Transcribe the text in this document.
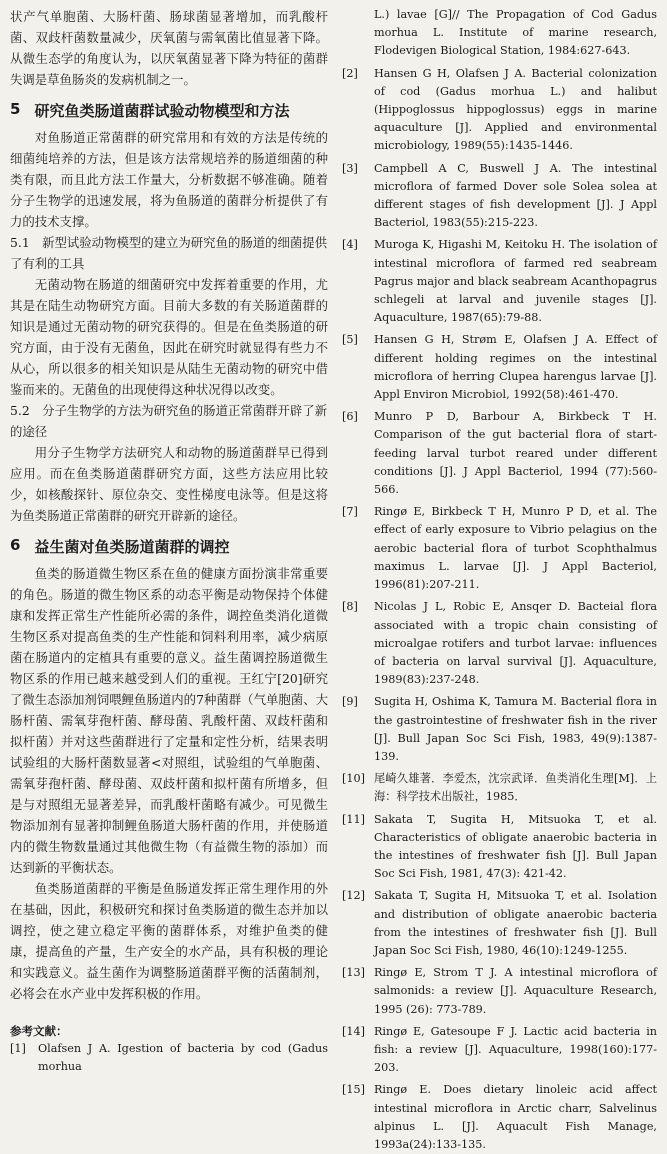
状产气单胞菌、大肠杆菌、肠球菌显著增加，而乳酸杆菌、双歧杆菌数量减少，厌氧菌与需氧菌比值显著下降。从微生态学的角度认为，以厌氧菌显著下降为特征的菌群失调是草鱼肠炎的发病机制之一。

5 研究鱼类肠道菌群试验动物模型和方法

对鱼肠道正常菌群的研究常用和有效的方法是传统的细菌纯培养的方法，但是该方法常规培养的肠道细菌的种类有限，而且此方法工作量大，分析数据不够准确。随着分子生物学的迅速发展，将为鱼肠道的菌群分析提供了有力的技术支撑。

5.1　新型试验动物模型的建立为研究鱼的肠道的细菌提供了有利的工具

无菌动物在肠道的细菌研究中发挥着重要的作用，尤其是在陆生动物研究方面。目前大多数的有关肠道菌群的知识是通过无菌动物的研究获得的。但是在鱼类肠道的研究方面，由于没有无菌鱼，因此在研究时就显得有些力不从心，所以很多的相关知识是从陆生无菌动物的研究中借鉴而来的。无菌鱼的出现使得这种状况得以改变。

5.2　分子生物学的方法为研究鱼的肠道正常菌群开辟了新的途径

用分子生物学方法研究人和动物的肠道菌群早已得到应用。而在鱼类肠道菌群研究方面，这些方法应用比较少，如核酸探针、原位杂交、变性梯度电泳等。但是这将为鱼类肠道正常菌群的研究开辟新的途径。

6 益生菌对鱼类肠道菌群的调控

鱼类的肠道微生物区系在鱼的健康方面扮演非常重要的角色。肠道的微生物区系的动态平衡是动物保持个体健康和发挥正常生产性能所必需的条件，调控鱼类消化道微生物区系对提高鱼类的生产性能和饲料利用率，减少病原菌在肠道内的定植具有重要的意义。益生菌调控肠道微生物区系的作用已越来越受到人们的重视。王红宁[20]研究了微生态添加剂饲喂鲤鱼肠道内的7种菌群（气单胞菌、大肠杆菌、需氧芽孢杆菌、酵母菌、乳酸杆菌、双歧杆菌和拟杆菌）并对这些菌群进行了定量和定性分析，结果表明试验组的大肠杆菌数显著<对照组，试验组的气单胞菌、需氧芽孢杆菌、酵母菌、双歧杆菌和拟杆菌有所增多，但是与对照组无显著差异，而乳酸杆菌略有减少。可见微生物添加剂有显著抑制鲤鱼肠道大肠杆菌的作用，并使肠道内的微生物数量通过其他微生物（有益微生物的添加）而达到新的平衡状态。

鱼类肠道菌群的平衡是鱼肠道发挥正常生理作用的外在基础，因此，积极研究和探讨鱼类肠道的微生态并加以调控，使之建立稳定平衡的菌群体系，对维护鱼类的健康，提高鱼的产量，生产安全的水产品，具有积极的理论和实践意义。益生菌作为调整肠道菌群平衡的活菌制剂，必将会在水产业中发挥积极的作用。

参考文献：
[1]	Olafsen J A. Igestion of bacteria by cod (Gadus morhua
L.) lavae [G]// The Propagation of Cod Gadus morhua L. Institute of marine research, Flodevigen Biological Station, 1984:627-643.
[2]	Hansen G H, Olafsen J A. Bacterial colonization of cod (Gadus morhua L.) and halibut (Hippoglossus hippoglossus) eggs in marine aquaculture [J]. Applied and environmental microbiology, 1989(55):1435-1446.
[3]	Campbell A C, Buswell J A. The intestinal microflora of farmed Dover sole Solea solea at different stages of fish development [J]. J Appl Bacteriol, 1983(55):215-223.
[4]	Muroga K, Higashi M, Keitoku H. The isolation of intestinal microflora of farmed red seabream Pagrus major and black seabream Acanthopagrus schlegeli at larval and juvenile stages [J]. Aquaculture, 1987(65):79-88.
[5]	Hansen G H, Strøm E, Olafsen J A. Effect of different holding regimes on the intestinal microflora of herring Clupea harengus larvae [J]. Appl Environ Microbiol, 1992(58):461-470.
[6]	Munro P D, Barbour A, Birkbeck T H. Comparison of the gut bacterial flora of start-feeding larval turbot reared under different conditions [J]. J Appl Bacteriol, 1994 (77):560-566.
[7]	Ringø E, Birkbeck T H, Munro P D, et al. The effect of early exposure to Vibrio pelagius on the aerobic bacterial flora of turbot Scophthalmus maximus L. larvae [J]. J Appl Bacteriol, 1996(81):207-211.
[8]	Nicolas J L, Robic E, Ansqer D. Bacteial flora associated with a tropic chain consisting of microalgae rotifers and turbot larvae: influences of bacteria on larval survival [J]. Aquaculture, 1989(83):237-248.
[9]	Sugita H, Oshima K, Tamura M. Bacterial flora in the gastrointestine of freshwater fish in the river [J]. Bull Japan Soc Sci Fish, 1983, 49(9):1387-139.
[10] 尾崎久雄著．李爱杰，沈宗武译．鱼类消化生理[M]．上海：科学技术出版社，1985．
[11] Sakata T, Sugita H, Mitsuoka T, et al. Characteristics of obligate anaerobic bacteria in the intestines of freshwater fish [J]. Bull Japan Soc Sci Fish, 1981, 47(3): 421-42.
[12] Sakata T, Sugita H, Mitsuoka T, et al. Isolation and distribution of obligate anaerobic bacteria from the intestines of freshwater fish [J]. Bull Japan Soc Sci Fish, 1980, 46(10):1249-1255.
[13] Ringø E, Strom T J. A intestinal microflora of salmonids: a review [J]. Aquaculture Research, 1995 (26): 773-789.
[14] Ringø E, Gatesoupe F J. Lactic acid bacteria in fish: a review [J]. Aquaculture, 1998(160):177-203.
[15] Ringø E. Does dietary linoleic acid affect intestinal microflora in Arctic charr, Salvelinus alpinus L. [J]. Aquacult Fish Manage, 1993a(24):133-135.
